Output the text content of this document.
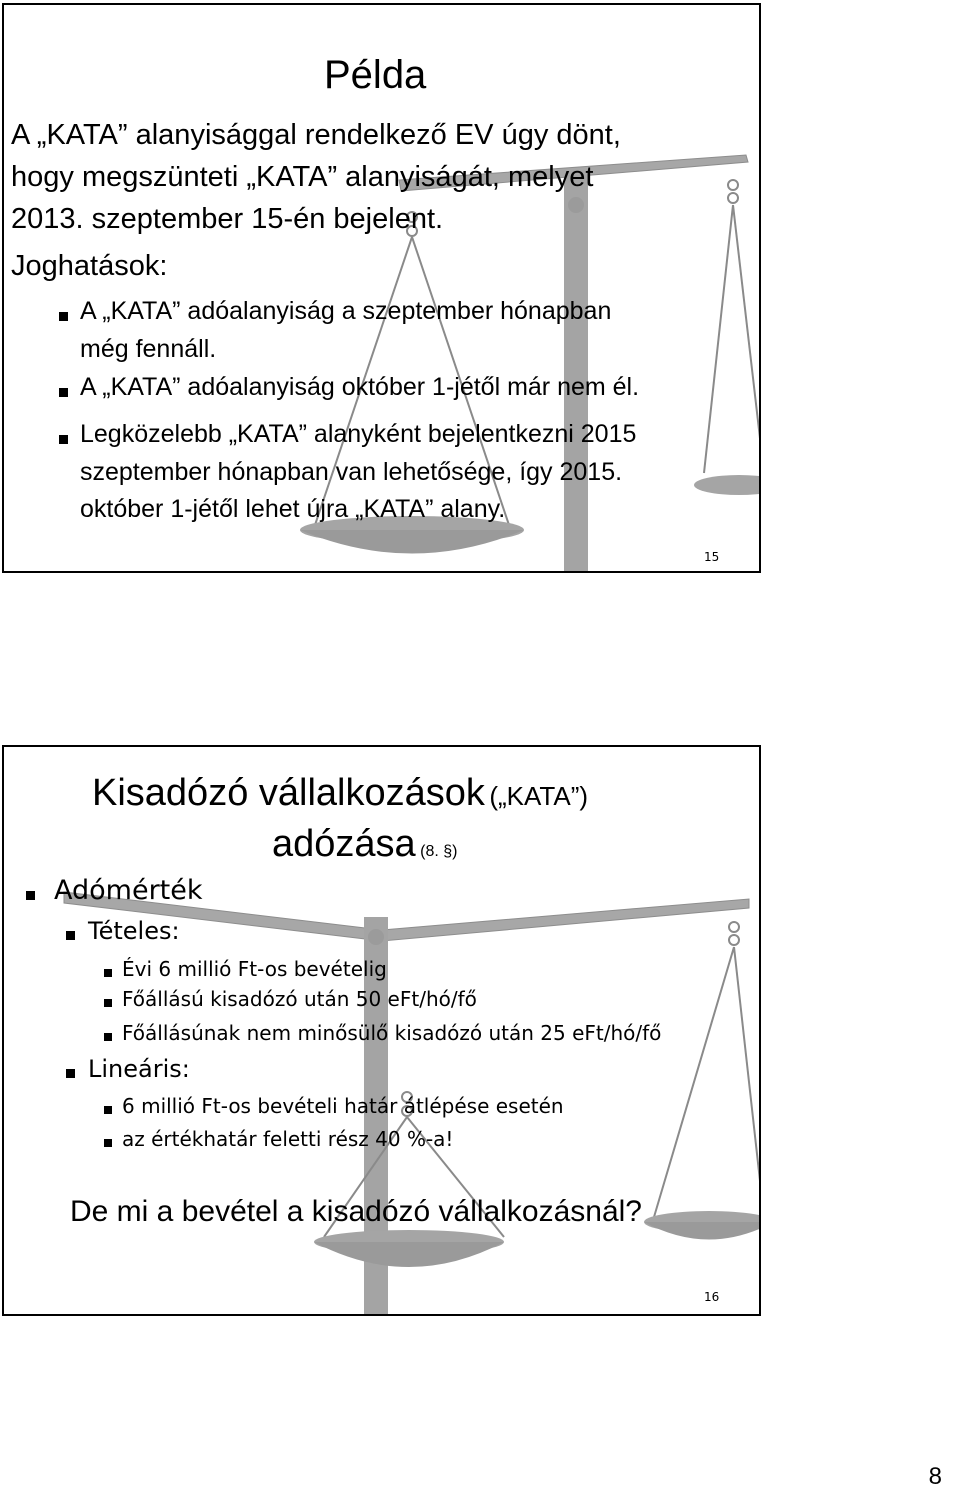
Példa
A „KATA” alanyisággal rendelkező EV úgy dönt,
hogy megszünteti „KATA” alanyiságát, melyet
2013. szeptember 15-én bejelent.
Joghatások:
A „KATA” adóalanyiság a szeptember hónapban
még fennáll.
A „KATA” adóalanyiság október 1-jétől már nem él.
Legközelebb „KATA” alanyként bejelentkezni 2015
szeptember hónapban van lehetősége, így 2015.
október 1-jétől lehet újra „KATA” alany.
15
Kisadózó vállalkozások („KATA”)
adózása (8. §)
Adómérték
Tételes:
Évi 6 millió Ft-os bevételig
Főállású kisadózó után 50 eFt/hó/fő
Főállásúnak nem minősülő kisadózó után 25 eFt/hó/fő
Lineáris:
6 millió Ft-os bevételi határ átlépése esetén
az értékhatár feletti rész 40 %-a!
De mi a bevétel a kisadózó vállalkozásnál?
16
8
